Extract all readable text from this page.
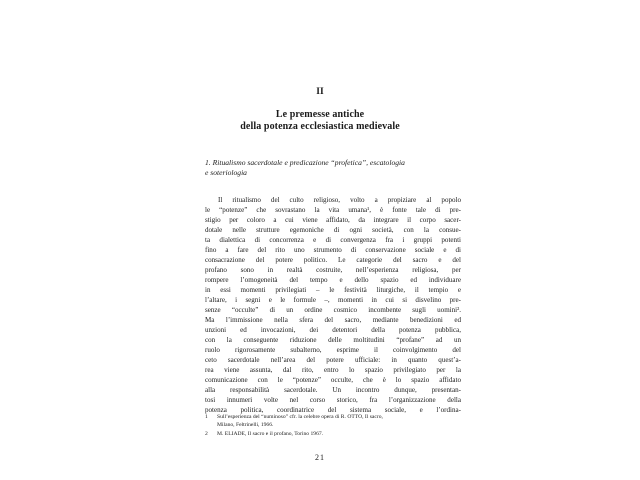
II
Le premesse antiche
della potenza ecclesiastica medievale
1. Ritualismo sacerdotale e predicazione “profetica”, escatologia
e soteriologia
Il ritualismo del culto religioso, volto a propiziare al popolo
le “potenze” che sovrastano la vita umana¹, è fonte tale di pre-
stigio per coloro a cui viene affidato, da integrare il corpo sacer-
dotale nelle strutture egemoniche di ogni società, con la consue-
ta dialettica di concorrenza e di convergenza fra i gruppi potenti
fino a fare del rito uno strumento di conservazione sociale e di
consacrazione del potere politico. Le categorie del sacro e del
profano sono in realtà costruite, nell’esperienza religiosa, per
rompere l’omogeneità del tempo e dello spazio ed individuare
in essi momenti privilegiati – le festività liturgiche, il tempio e
l’altare, i segni e le formule –, momenti in cui si disvelino pre-
senze “occulte” di un ordine cosmico incombente sugli uomini².
Ma l’immissione nella sfera del sacro, mediante benedizioni ed
unzioni ed invocazioni, dei detentori della potenza pubblica,
con la conseguente riduzione delle moltitudini “profane” ad un
ruolo rigorosamente subalterno, esprime il coinvolgimento del
ceto sacerdotale nell’area del potere ufficiale: in quanto quest’a-
rea viene assunta, dal rito, entro lo spazio privilegiato per la
comunicazione con le “potenze” occulte, che è lo spazio affidato
alla responsabilità sacerdotale. Un incontro dunque, presentan-
tosi innumeri volte nel corso storico, fra l’organizzazione della
potenza politica, coordinatrice del sistema sociale, e l’ordina-
1 Sull’esperienza del “numinoso” cfr. la celebre opera di R. OTTO, Il sacro,
Milano, Feltrinelli, 1966.
2 M. ELIADE, Il sacro e il profano, Torino 1967.
21
